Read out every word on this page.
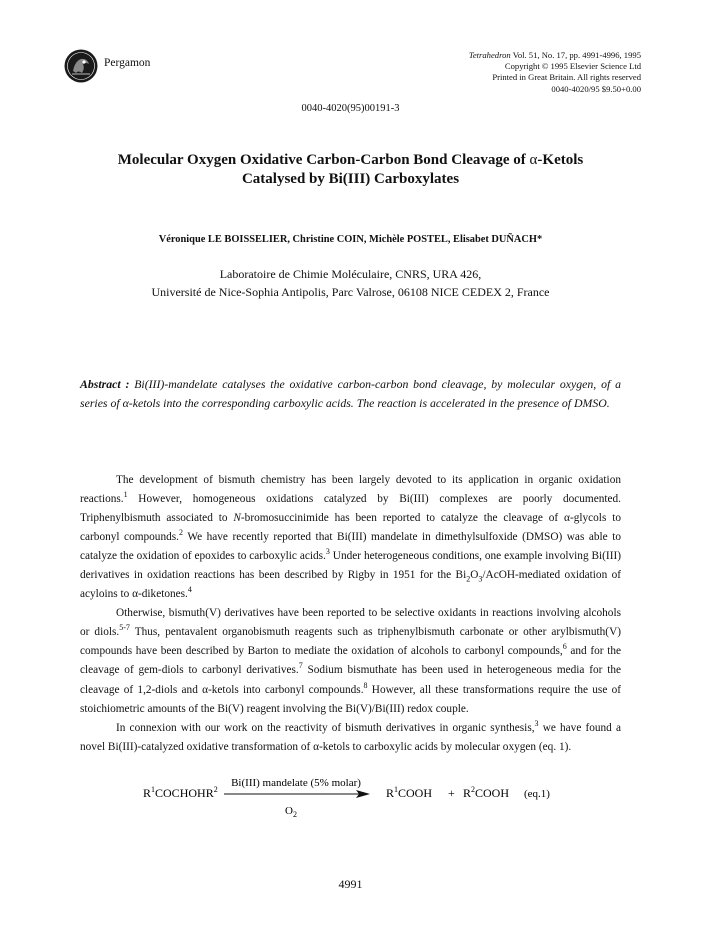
Pergamon
Tetrahedron Vol. 51, No. 17, pp. 4991-4996, 1995
Copyright © 1995 Elsevier Science Ltd
Printed in Great Britain. All rights reserved
0040-4020/95 $9.50+0.00
0040-4020(95)00191-3
Molecular Oxygen Oxidative Carbon-Carbon Bond Cleavage of α-Ketols
Catalysed by Bi(III) Carboxylates
Véronique LE BOISSELIER, Christine COIN, Michèle POSTEL, Elisabet DUÑACH*
Laboratoire de Chimie Moléculaire, CNRS, URA 426,
Université de Nice-Sophia Antipolis, Parc Valrose, 06108 NICE CEDEX 2, France
Abstract : Bi(III)-mandelate catalyses the oxidative carbon-carbon bond cleavage, by molecular oxygen, of a series of α-ketols into the corresponding carboxylic acids. The reaction is accelerated in the presence of DMSO.

The development of bismuth chemistry has been largely devoted to its application in organic oxidation reactions.$^1$ However, homogeneous oxidations catalyzed by Bi(III) complexes are poorly documented. Triphenylbismuth associated to N-bromosuccinimide has been reported to catalyze the cleavage of α-glycols to carbonyl compounds.$^2$ We have recently reported that Bi(III) mandelate in dimethylsulfoxide (DMSO) was able to catalyze the oxidation of epoxides to carboxylic acids.$^3$ Under heterogeneous conditions, one example involving Bi(III) derivatives in oxidation reactions has been described by Rigby in 1951 for the $Bi_2O_3/AcOH$-mediated oxidation of acyloins to α-diketones.$^4$

Otherwise, bismuth(V) derivatives have been reported to be selective oxidants in reactions involving alcohols or diols.$^{5-7}$ Thus, pentavalent organobismuth reagents such as triphenylbismuth carbonate or other arylbismuth(V) compounds have been described by Barton to mediate the oxidation of alcohols to carbonyl compounds,$^6$ and for the cleavage of gem-diols to carbonyl derivatives.$^7$ Sodium bismuthate has been used in heterogeneous media for the cleavage of 1,2-diols and α-ketols into carbonyl compounds.$^8$ However, all these transformations require the use of stoichiometric amounts of the Bi(V) reagent involving the Bi(V)/Bi(III) redox couple.

In connexion with our work on the reactivity of bismuth derivatives in organic synthesis,$^3$ we have found a novel Bi(III)-catalyzed oxidative transformation of α-ketols to carboxylic acids by molecular oxygen (eq. 1).

$R^1COCHOHR^2$
Bi(III) mandelate (5% molar)
$O_2$
$R^1COOH$ + $R^2COOH$ (eq.1)
4991
